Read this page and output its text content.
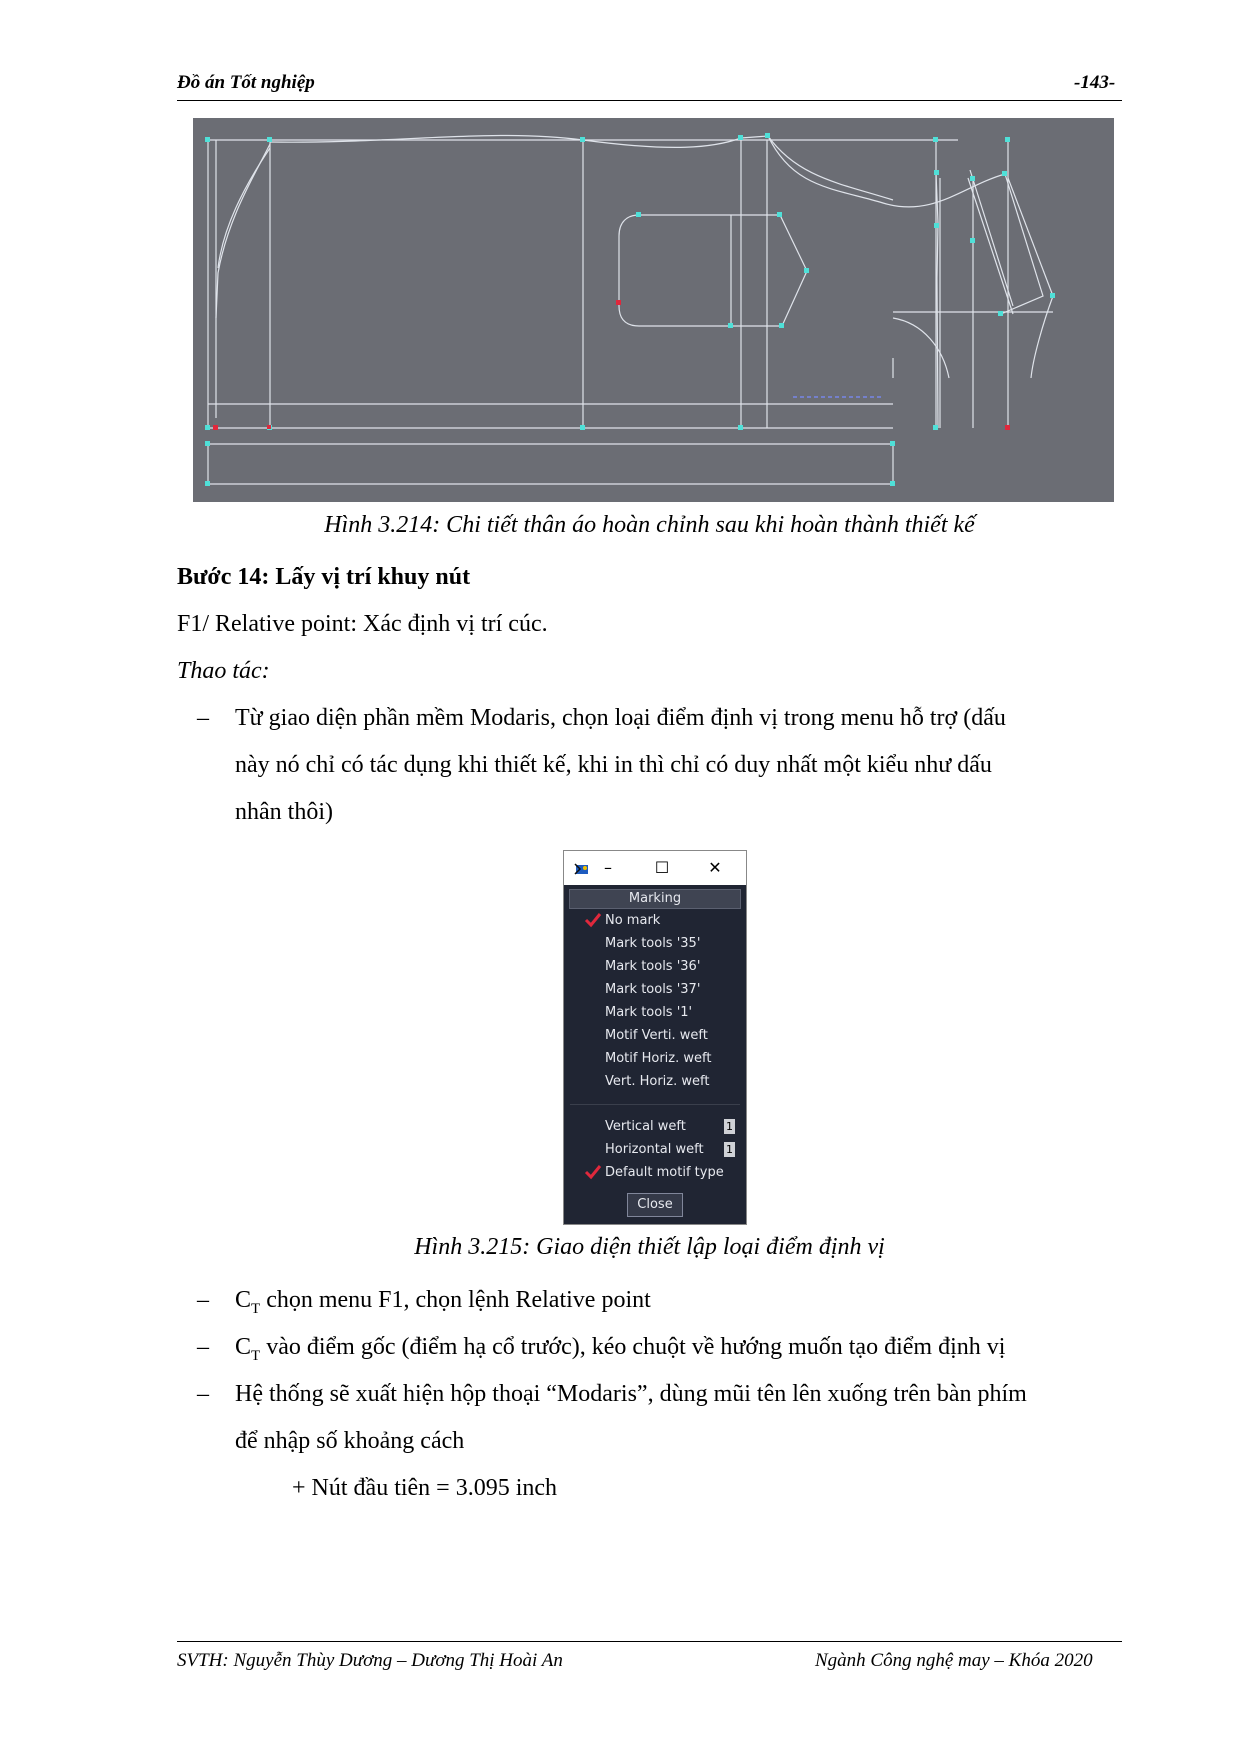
Đồ án Tốt nghiệp	-143-
Hình 3.214: Chi tiết thân áo hoàn chỉnh sau khi hoàn thành thiết kế
Bước 14: Lấy vị trí khuy nút
F1/ Relative point: Xác định vị trí cúc.
Thao tác:
–	Từ giao diện phần mềm Modaris, chọn loại điểm định vị trong menu hỗ trợ (dấu
này nó chỉ có tác dụng khi thiết kế, khi in thì chỉ có duy nhất một kiểu như dấu
nhân thôi)
–	☐	✕
Marking
No mark
Mark tools '35'
Mark tools '36'
Mark tools '37'
Mark tools '1'
Motif Verti. weft
Motif Horiz. weft
Vert. Horiz. weft
Vertical weft	1
Horizontal weft 1
Default motif type
Close
Hình 3.215: Giao diện thiết lập loại điểm định vị
–	$C_T$ chọn menu F1, chọn lệnh Relative point
–	$C_T$ vào điểm gốc (điểm hạ cổ trước), kéo chuột về hướng muốn tạo điểm định vị
–	Hệ thống sẽ xuất hiện hộp thoại “Modaris”, dùng mũi tên lên xuống trên bàn phím
để nhập số khoảng cách
+ Nút đầu tiên = 3.095 inch
SVTH: Nguyễn Thùy Dương – Dương Thị Hoài An	Ngành Công nghệ may – Khóa 2020
